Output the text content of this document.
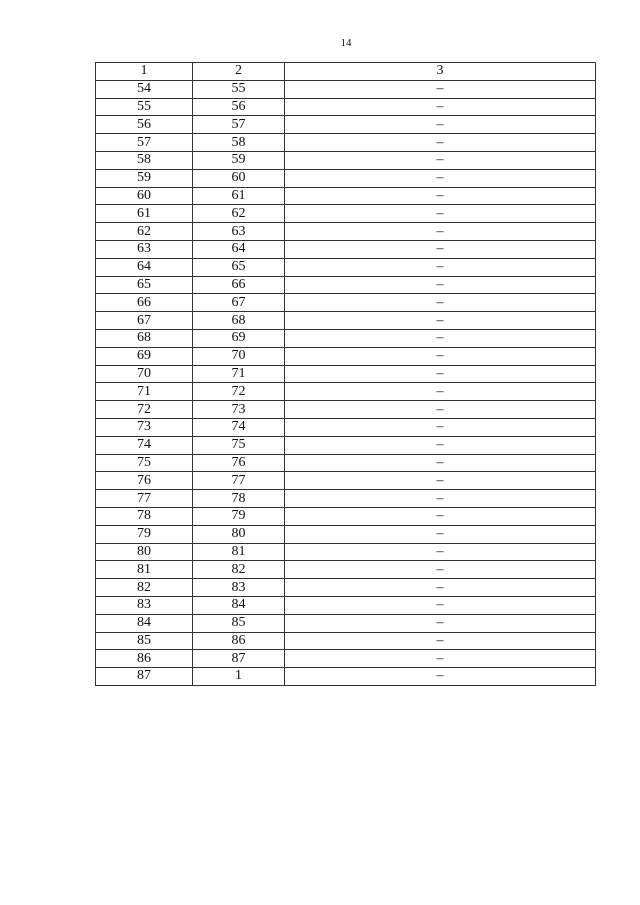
14
1	2	3
54	55	–
55	56	–
56	57	–
57	58	–
58	59	–
59	60	–
60	61	–
61	62	–
62	63	–
63	64	–
64	65	–
65	66	–
66	67	–
67	68	–
68	69	–
69	70	–
70	71	–
71	72	–
72	73	–
73	74	–
74	75	–
75	76	–
76	77	–
77	78	–
78	79	–
79	80	–
80	81	–
81	82	–
82	83	–
83	84	–
84	85	–
85	86	–
86	87	–
87	1	–
